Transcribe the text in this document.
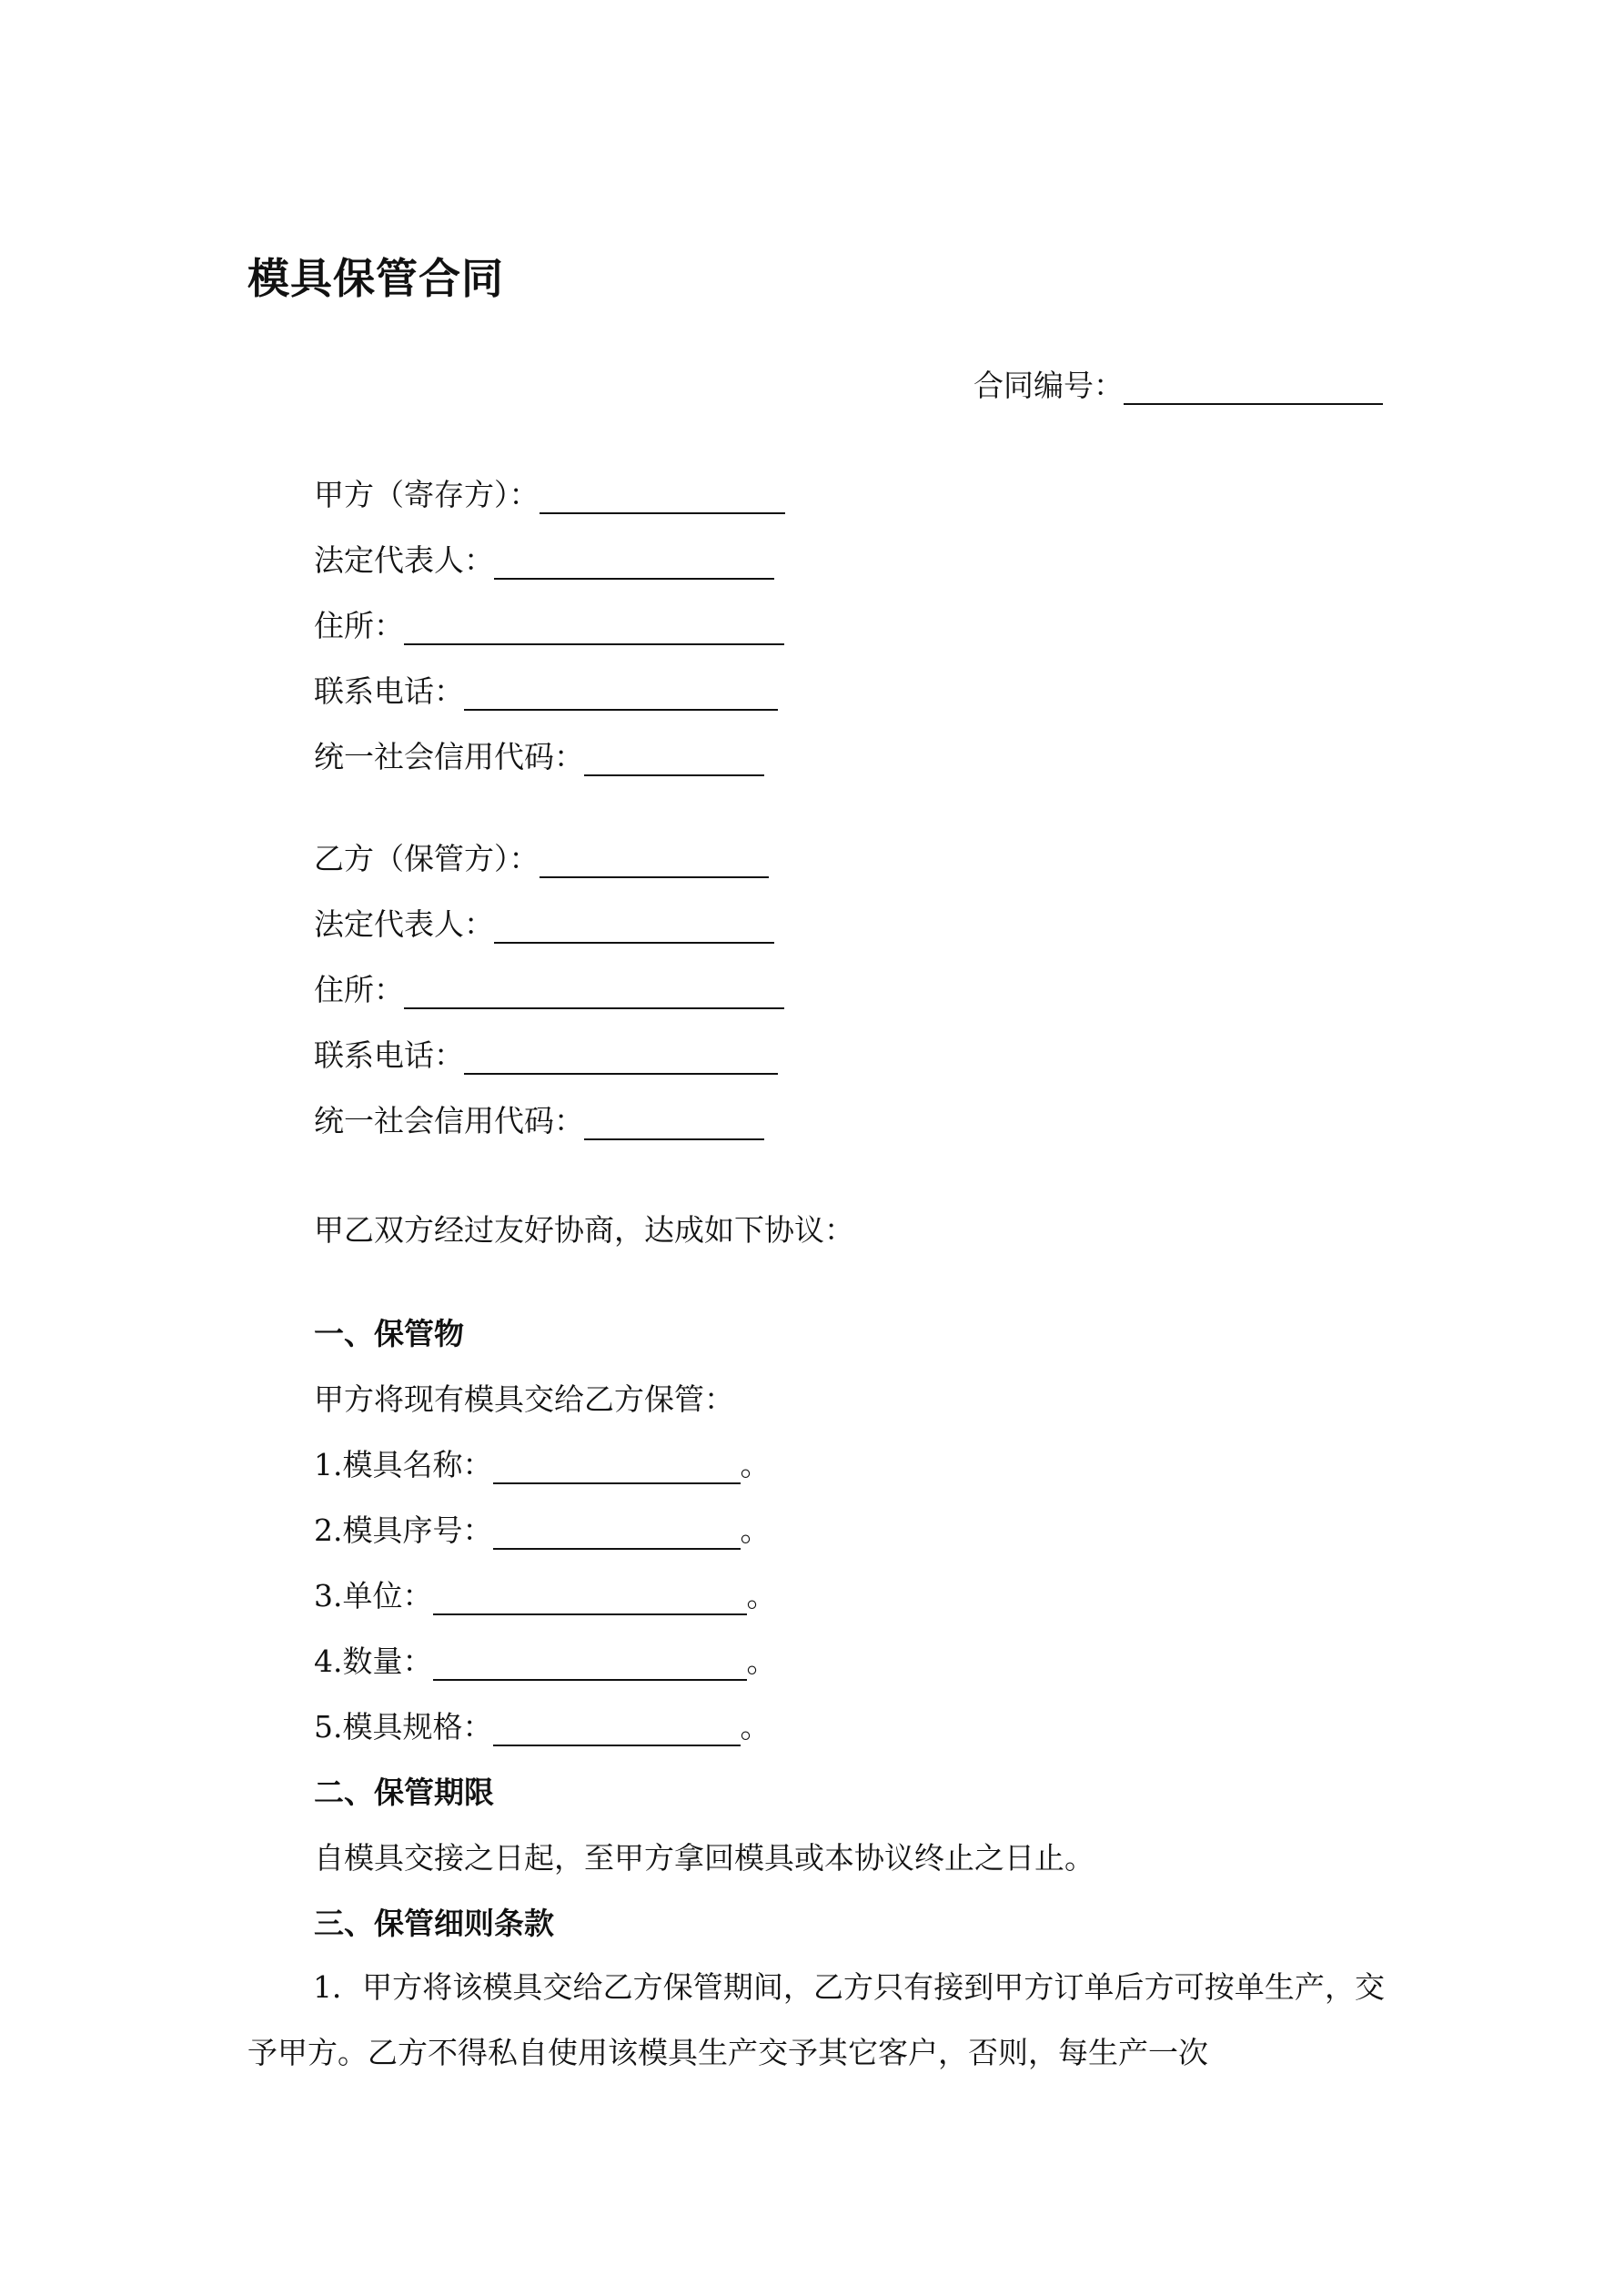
模具保管合同
合同编号：
甲方（寄存方）：
法定代表人：
住所：
联系电话：
统一社会信用代码：
乙方（保管方）：
法定代表人：
住所：
联系电话：
统一社会信用代码：
甲乙双方经过友好协商，达成如下协议：
一、保管物
甲方将现有模具交给乙方保管：
1.模具名称：	。
2.模具序号：	。
3.单位：	。
4.数量：	。
5.模具规格：	。
二、保管期限
自模具交接之日起，至甲方拿回模具或本协议终止之日止。
三、保管细则条款

1．甲方将该模具交给乙方保管期间，乙方只有接到甲方订单后方可按单生产，交予甲方。乙方不得私自使用该模具生产交予其它客户，否则，每生产一次
